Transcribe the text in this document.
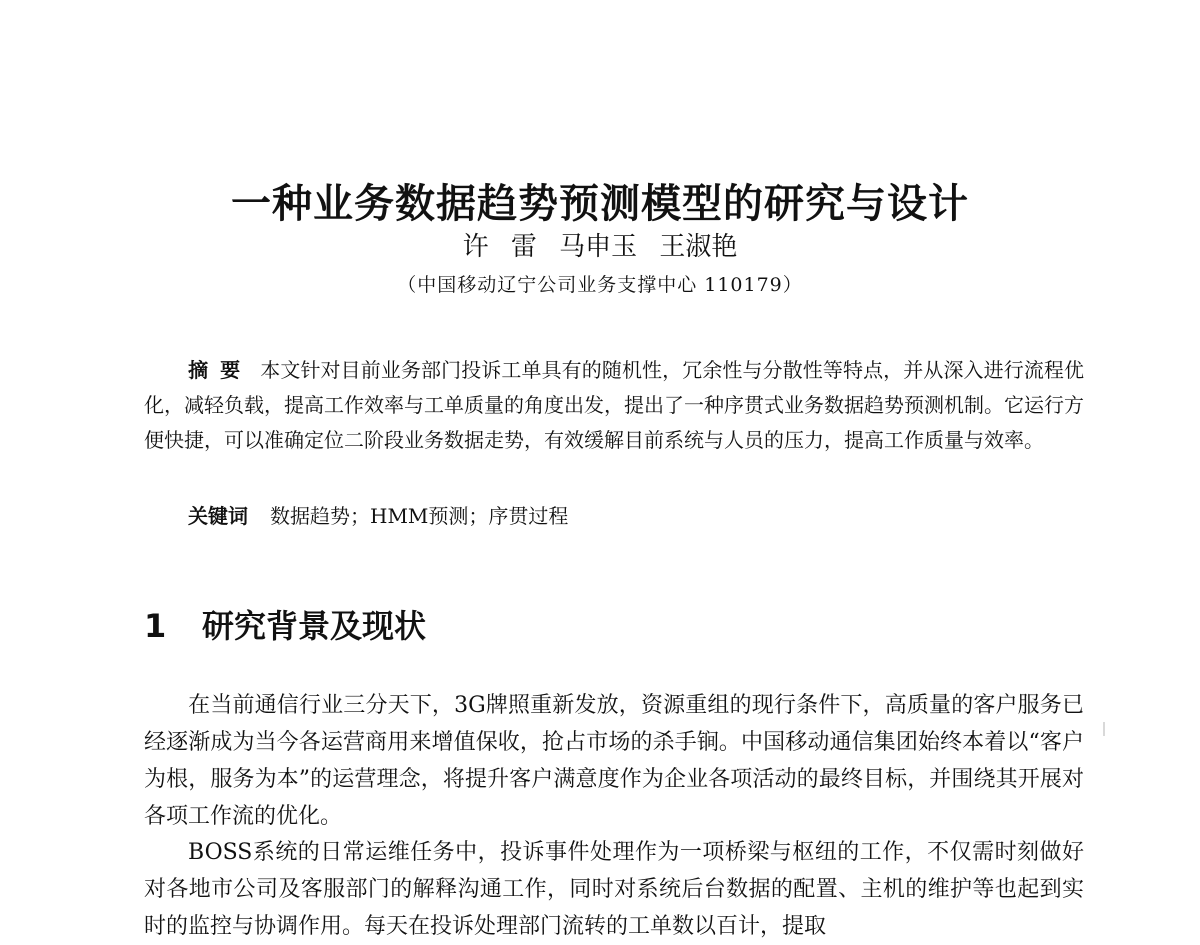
一种业务数据趋势预测模型的研究与设计

许 雷 马申玉 王淑艳

（中国移动辽宁公司业务支撑中心 110179）

摘要 本文针对目前业务部门投诉工单具有的随机性，冗余性与分散性等特点，并从深入进行流程优化，减轻负载，提高工作效率与工单质量的角度出发，提出了一种序贯式业务数据趋势预测机制。它运行方便快捷，可以准确定位二阶段业务数据走势，有效缓解目前系统与人员的压力，提高工作质量与效率。

关键词 数据趋势；HMM预测；序贯过程

1 研究背景及现状

在当前通信行业三分天下，3G牌照重新发放，资源重组的现行条件下，高质量的客户服务已经逐渐成为当今各运营商用来增值保收，抢占市场的杀手锏。中国移动通信集团始终本着以“客户为根，服务为本”的运营理念，将提升客户满意度作为企业各项活动的最终目标，并围绕其开展对各项工作流的优化。

BOSS系统的日常运维任务中，投诉事件处理作为一项桥梁与枢纽的工作，不仅需时刻做好对各地市公司及客服部门的解释沟通工作，同时对系统后台数据的配置、主机的维护等也起到实时的监控与协调作用。每天在投诉处理部门流转的工单数以百计，提取
